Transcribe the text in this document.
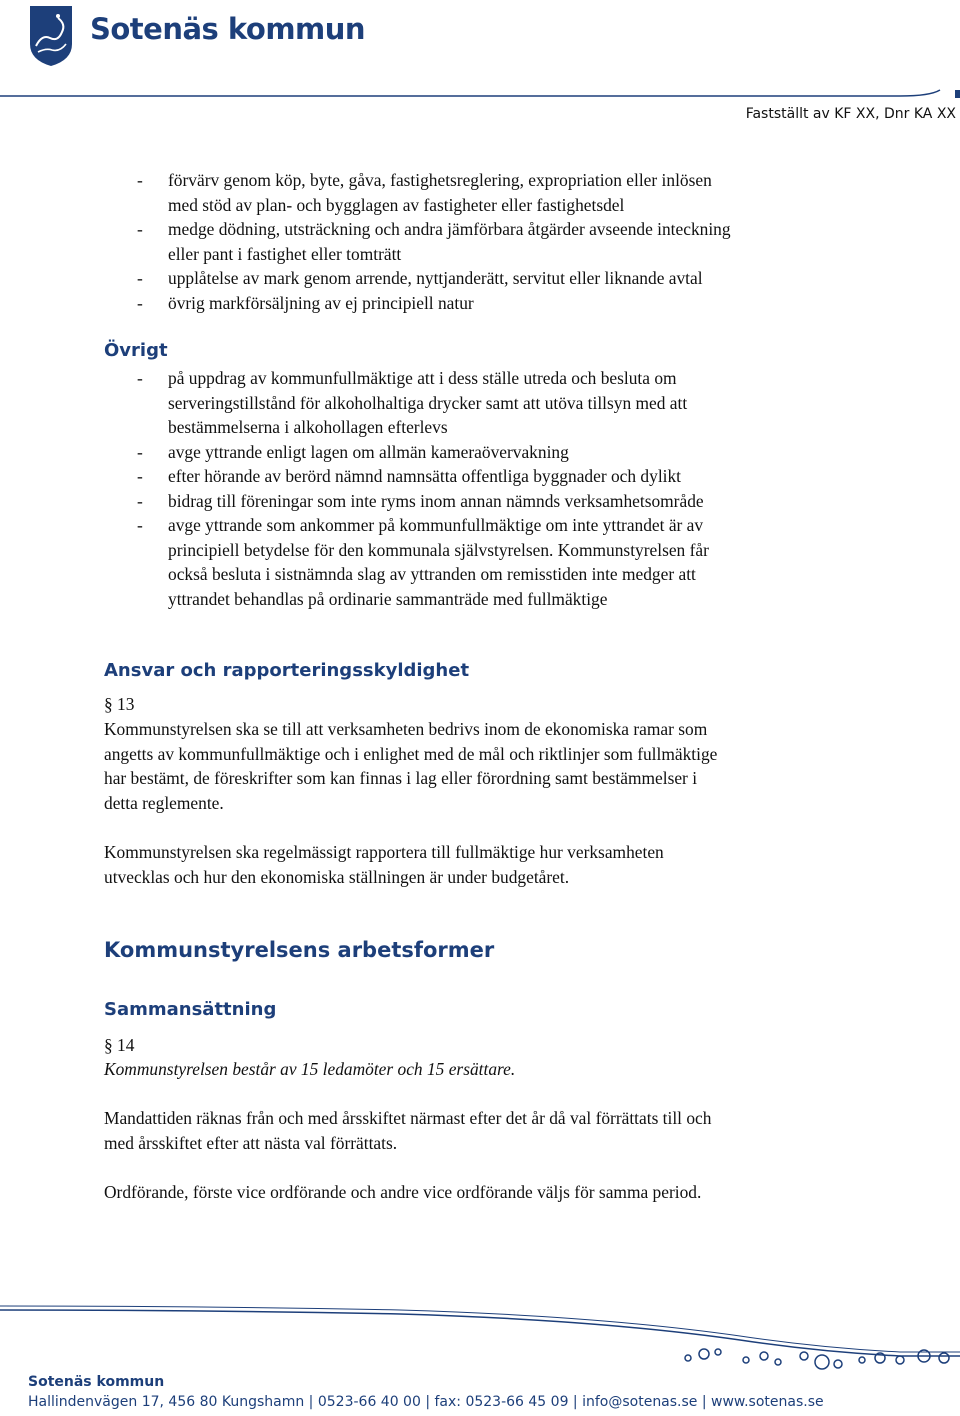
Sotenäs kommun
Fastställt av KF XX, Dnr KA XX
- förvärv genom köp, byte, gåva, fastighetsreglering, expropriation eller inlösen
med stöd av plan- och bygglagen av fastigheter eller fastighetsdel
- medge dödning, utsträckning och andra jämförbara åtgärder avseende inteckning
eller pant i fastighet eller tomträtt
- upplåtelse av mark genom arrende, nyttjanderätt, servitut eller liknande avtal
- övrig markförsäljning av ej principiell natur
Övrigt
- på uppdrag av kommunfullmäktige att i dess ställe utreda och besluta om
serveringstillstånd för alkoholhaltiga drycker samt att utöva tillsyn med att
bestämmelserna i alkohollagen efterlevs
- avge yttrande enligt lagen om allmän kameraövervakning
- efter hörande av berörd nämnd namnsätta offentliga byggnader och dylikt
- bidrag till föreningar som inte ryms inom annan nämnds verksamhetsområde
- avge yttrande som ankommer på kommunfullmäktige om inte yttrandet är av
principiell betydelse för den kommunala självstyrelsen. Kommunstyrelsen får
också besluta i sistnämnda slag av yttranden om remisstiden inte medger att
yttrandet behandlas på ordinarie sammanträde med fullmäktige
Ansvar och rapporteringsskyldighet
§ 13
Kommunstyrelsen ska se till att verksamheten bedrivs inom de ekonomiska ramar som
angetts av kommunfullmäktige och i enlighet med de mål och riktlinjer som fullmäktige
har bestämt, de föreskrifter som kan finnas i lag eller förordning samt bestämmelser i
detta reglemente.
Kommunstyrelsen ska regelmässigt rapportera till fullmäktige hur verksamheten
utvecklas och hur den ekonomiska ställningen är under budgetåret.
Kommunstyrelsens arbetsformer
Sammansättning
§ 14
Kommunstyrelsen består av 15 ledamöter och 15 ersättare.
Mandattiden räknas från och med årsskiftet närmast efter det år då val förrättats till och
med årsskiftet efter att nästa val förrättats.
Ordförande, förste vice ordförande och andre vice ordförande väljs för samma period.
Sotenäs kommun
Hallindenvägen 17, 456 80 Kungshamn | 0523-66 40 00 | fax: 0523-66 45 09 | info@sotenas.se | www.sotenas.se
